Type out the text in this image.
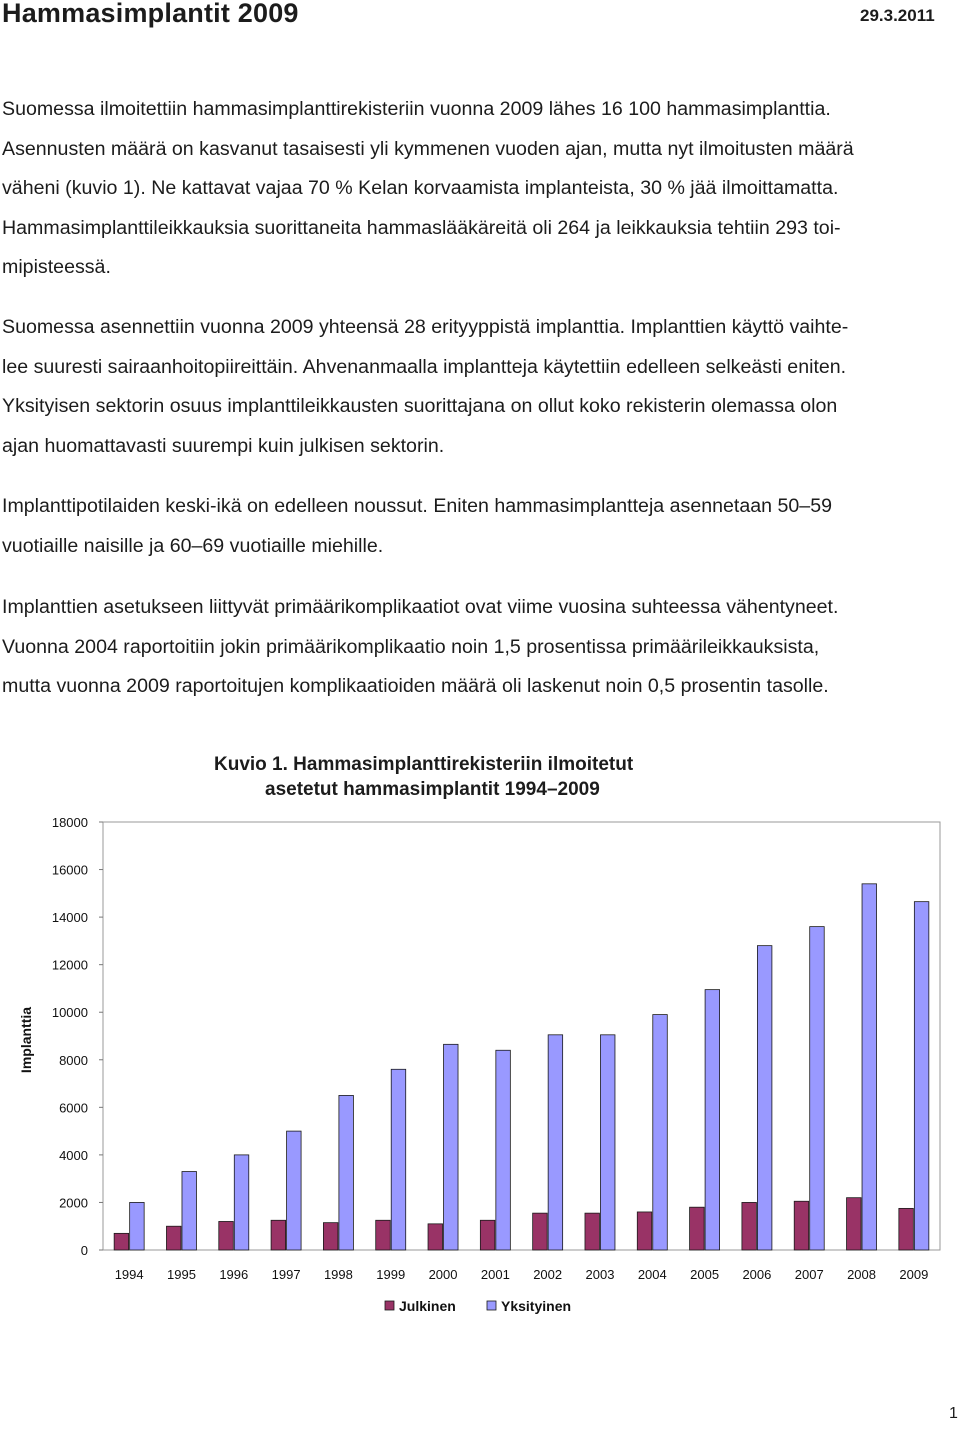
Hammasimplantit 2009	29.3.2011
Suomessa ilmoitettiin hammasimplanttirekisteriin vuonna 2009 lähes 16 100 hammasimplanttia.
Asennusten määrä on kasvanut tasaisesti yli kymmenen vuoden ajan, mutta nyt ilmoitusten määrä
väheni (kuvio 1). Ne kattavat vajaa 70 % Kelan korvaamista implanteista, 30 % jää ilmoittamatta.
Hammasimplanttileikkauksia suorittaneita hammaslääkäreitä oli 264 ja leikkauksia tehtiin 293 toi-
mipisteessä.
Suomessa asennettiin vuonna 2009 yhteensä 28 erityyppistä implanttia. Implanttien käyttö vaihte-
lee suuresti sairaanhoitopiireittäin. Ahvenanmaalla implantteja käytettiin edelleen selkeästi eniten.
Yksityisen sektorin osuus implanttileikkausten suorittajana on ollut koko rekisterin olemassa olon
ajan huomattavasti suurempi kuin julkisen sektorin.
Implanttipotilaiden keski-ikä on edelleen noussut. Eniten hammasimplantteja asennetaan 50–59
vuotiaille naisille ja 60–69 vuotiaille miehille.
Implanttien asetukseen liittyvät primäärikomplikaatiot ovat viime vuosina suhteessa vähentyneet.
Vuonna 2004 raportoitiin jokin primäärikomplikaatio noin 1,5 prosentissa primäärileikkauksista,
mutta vuonna 2009 raportoitujen komplikaatioiden määrä oli laskenut noin 0,5 prosentin tasolle.
Kuvio 1. Hammasimplanttirekisteriin ilmoitetut
asetetut hammasimplantit 1994–2009
0
2000
4000
6000
8000
10000
12000
14000
16000
18000
Implanttia
1994 1995 1996 1997 1998 1999 2000 2001 2002 2003 2004 2005 2006 2007 2008 2009
Julkinen	Yksityinen
1
